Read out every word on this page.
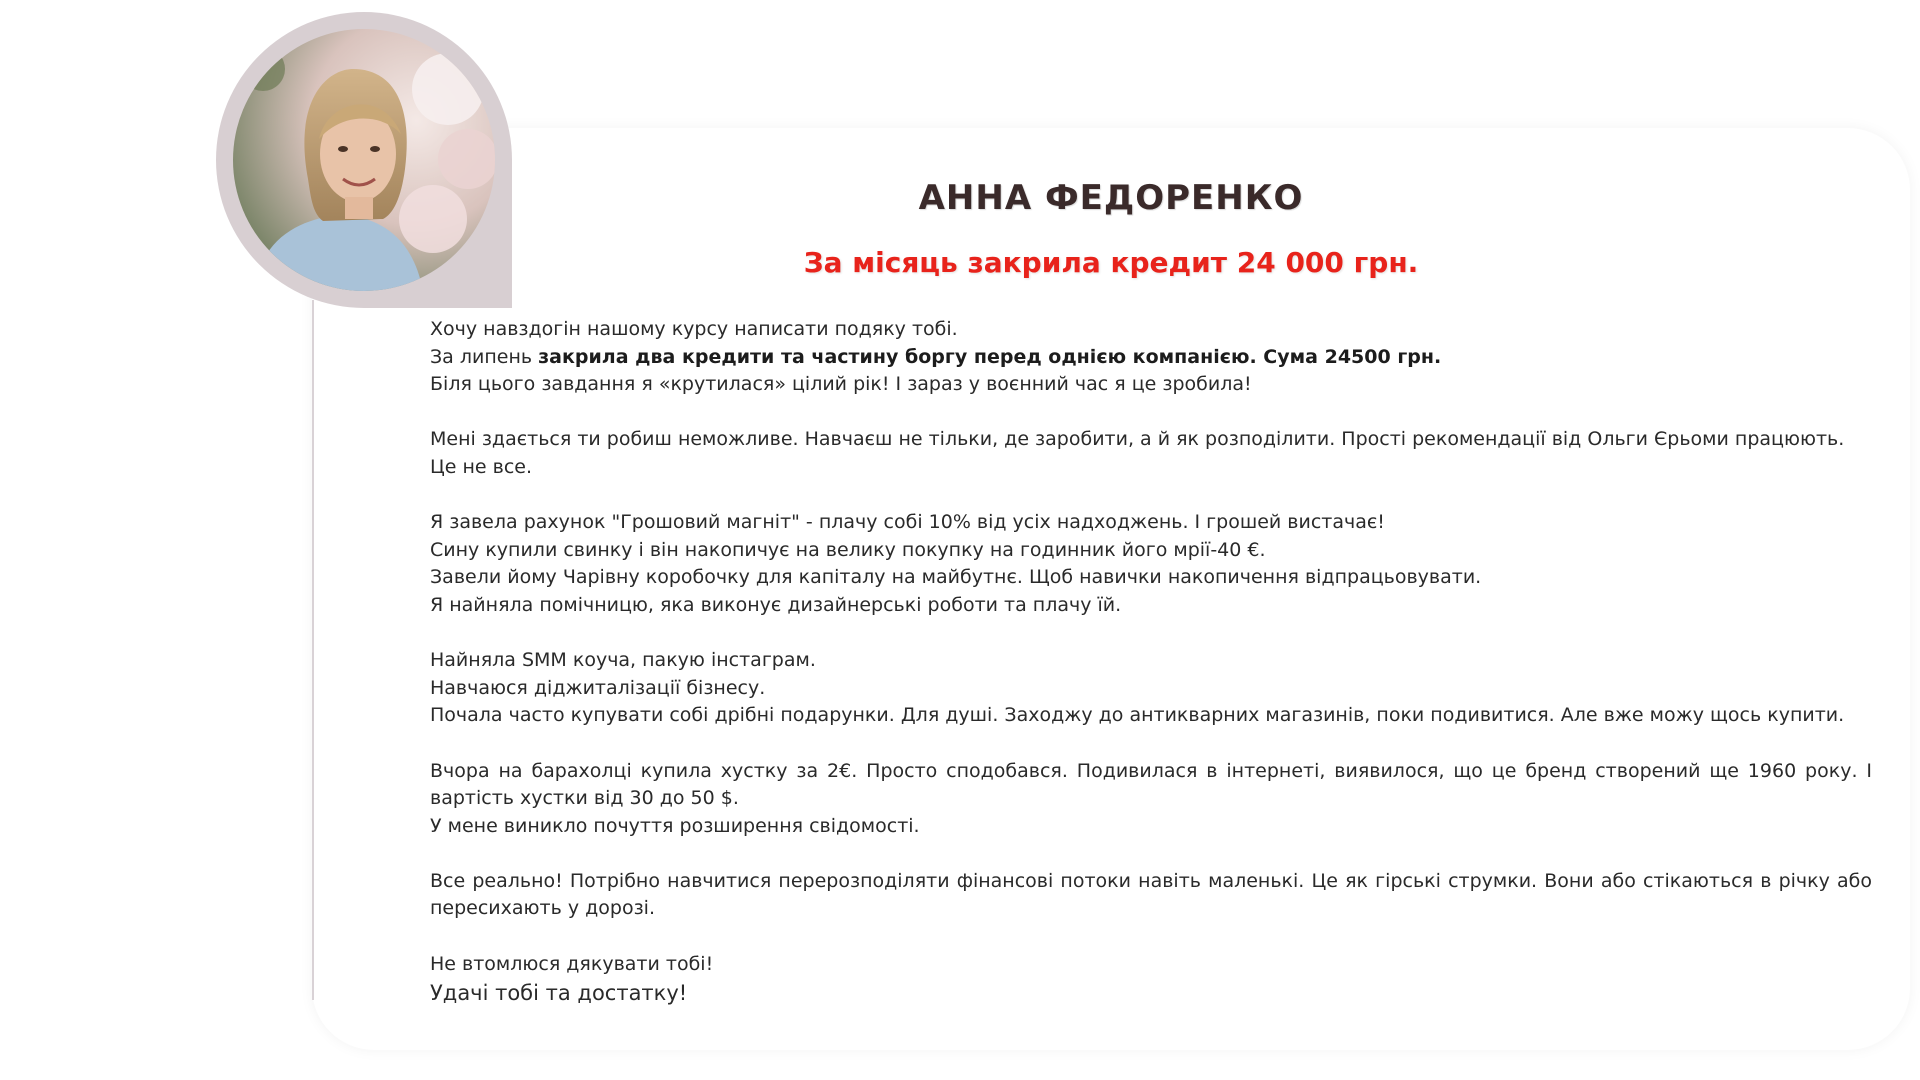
АННА ФЕДОРЕНКО
За місяць закрила кредит 24 000 грн.

Хочу навздогін нашому курсу написати подяку тобі.

За липень закрила два кредити та частину боргу перед однією компанією. Сума 24500 грн.

Біля цього завдання я «крутилася» цілий рік! І зараз у воєнний час я це зробила!

Мені здається ти робиш неможливе. Навчаєш не тільки, де заробити, а й як розподілити. Прості рекомендації від Ольги Єрьоми працюють.

Це не все.

Я завела рахунок "Грошовий магніт" - плачу собі 10% від усіх надходжень. І грошей вистачає!

Сину купили свинку і він накопичує на велику покупку на годинник його мрії-40 €.

Завели йому Чарівну коробочку для капіталу на майбутнє. Щоб навички накопичення відпрацьовувати.

Я найняла помічницю, яка виконує дизайнерські роботи та плачу їй.

Найняла SMM коуча, пакую інстаграм.

Навчаюся діджиталізації бізнесу.

Почала часто купувати собі дрібні подарунки. Для душі. Заходжу до антикварних магазинів, поки подивитися. Але вже можу щось купити.

Вчора на барахолці купила хустку за 2€. Просто сподобався. Подивилася в інтернеті, виявилося, що це бренд створений ще 1960 року. І вартість хустки від 30 до 50 $.

У мене виникло почуття розширення свідомості.

Все реально! Потрібно навчитися перерозподіляти фінансові потоки навіть маленькі. Це як гірські струмки. Вони або стікаються в річку або пересихають у дорозі.

Не втомлюся дякувати тобі!

Удачі тобі та достатку!
